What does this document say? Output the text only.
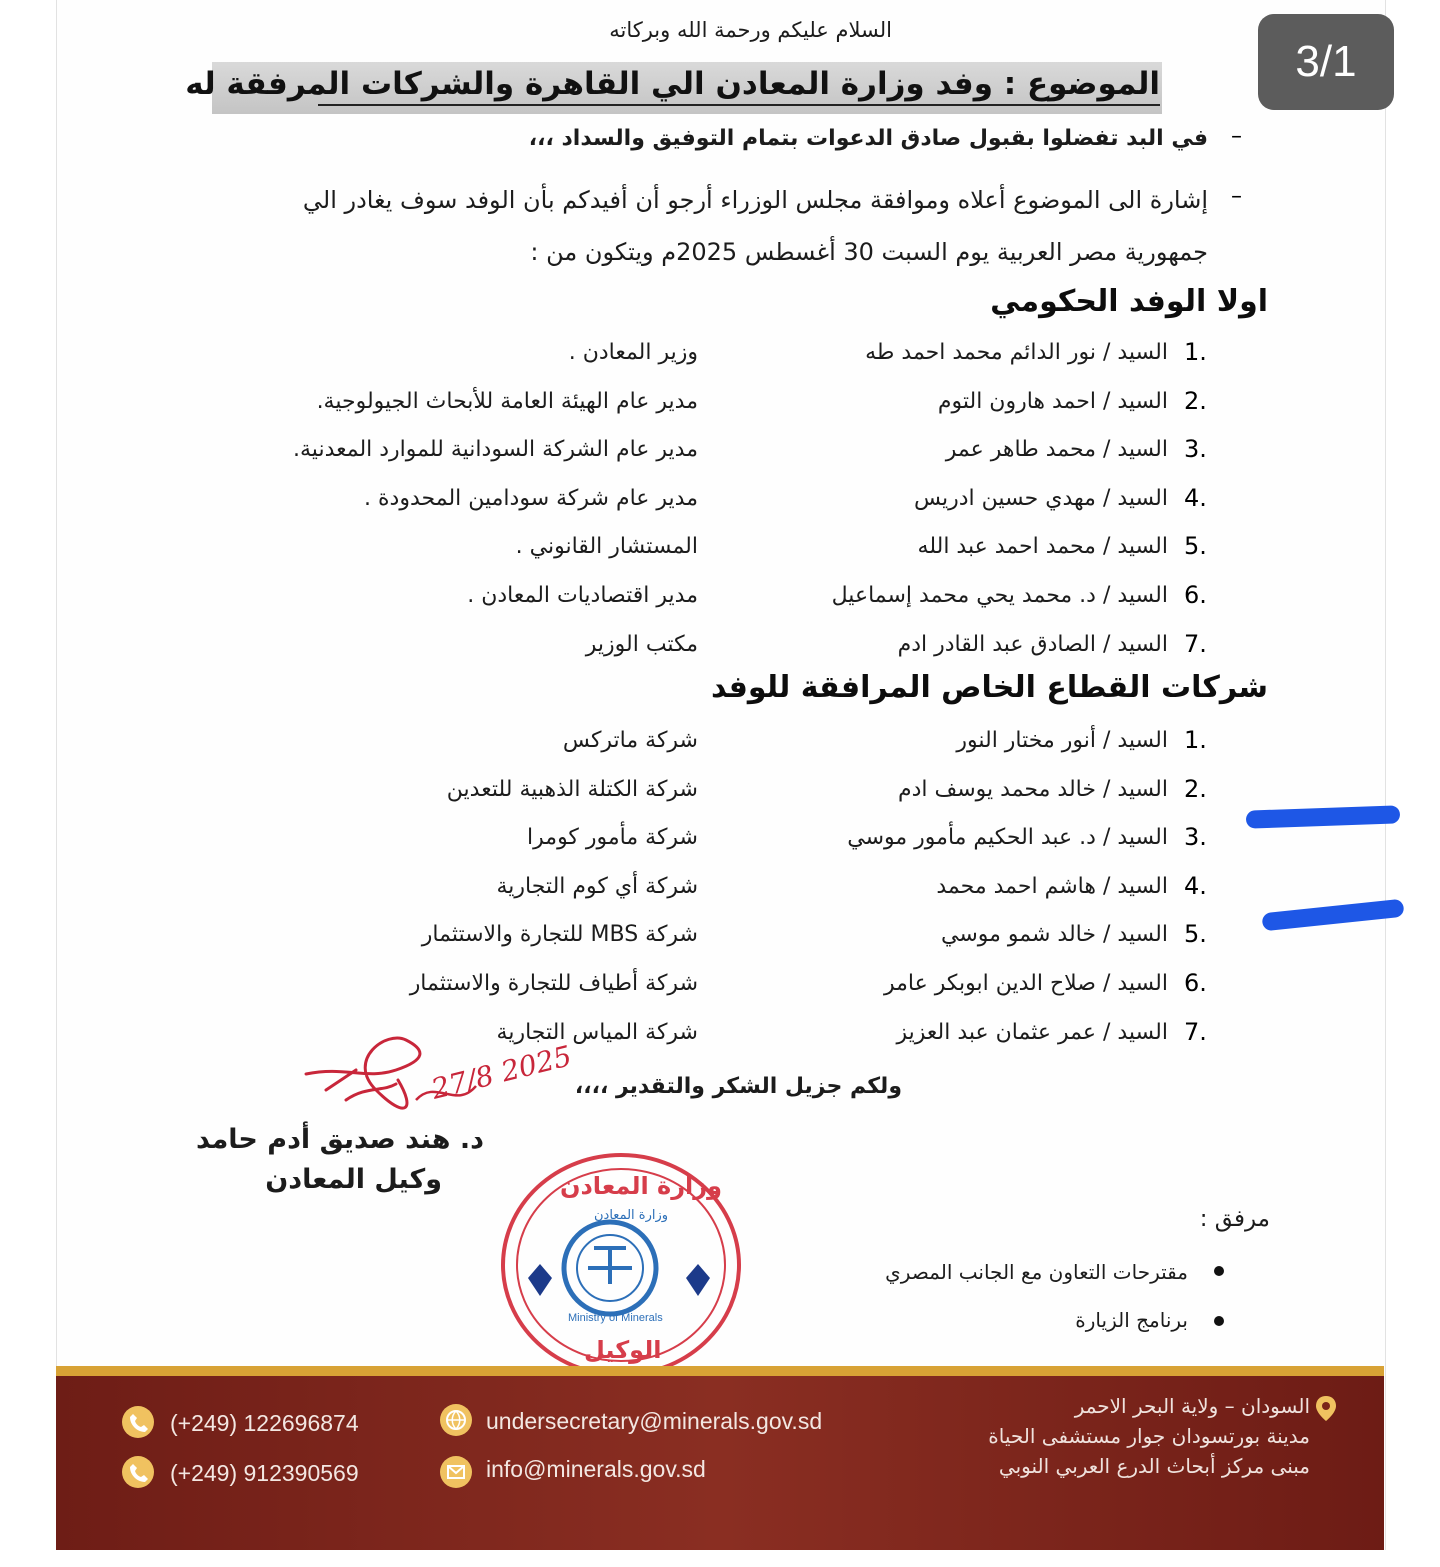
3/1
السلام عليكم ورحمة الله وبركاته
الموضوع : وفد وزارة المعادن الي القاهرة والشركات المرفقة له
–
في البد تفضلوا بقبول صادق الدعوات بتمام التوفيق والسداد ،،،
–
إشارة الى الموضوع أعلاه وموافقة مجلس الوزراء أرجو أن أفيدكم بأن الوفد سوف يغادر الي
جمهورية مصر العربية يوم السبت 30 أغسطس 2025م ويتكون من :
اولا الوفد الحكومي
1.
السيد / نور الدائم محمد احمد طه
وزير المعادن .
2.
السيد / احمد هارون التوم
مدير عام الهيئة العامة للأبحاث الجيولوجية.
3.
السيد / محمد طاهر عمر
مدير عام الشركة السودانية للموارد المعدنية.
4.
السيد / مهدي حسين ادريس
مدير عام شركة سودامين المحدودة .
5.
السيد / محمد احمد عبد الله
المستشار القانوني .
6.
السيد / د. محمد يحي محمد إسماعيل
مدير اقتصاديات المعادن .
7.
السيد / الصادق عبد القادر ادم
مكتب الوزير
شركات القطاع الخاص المرافقة للوفد
1.
السيد / أنور مختار النور
شركة ماتركس
2.
السيد / خالد محمد يوسف ادم
شركة الكتلة الذهبية للتعدين
3.
السيد / د. عبد الحكيم مأمور موسي
شركة مأمور كومرا
4.
السيد / هاشم احمد محمد
شركة أي كوم التجارية
5.
السيد / خالد شمو موسي
شركة MBS للتجارة والاستثمار
6.
السيد / صلاح الدين ابوبكر عامر
شركة أطياف للتجارة والاستثمار
7.
السيد / عمر عثمان عبد العزيز
شركة المياس التجارية
ولكم جزيل الشكر والتقدير ،،،،
27/8 2025
د. هند صديق أدم حامد
وكيل المعادن	وزارة المعادن
وزارة المعادن
Ministry of Minerals
الوكيل
مرفق :
مقترحات التعاون مع الجانب المصري
برنامج الزيارة
(+249) 122696874
(+249) 912390569
undersecretary@minerals.gov.sd
info@minerals.gov.sd
السودان – ولاية البحر الاحمر
مدينة بورتسودان جوار مستشفى الحياة
مبنى مركز أبحاث الدرع العربي النوبي
